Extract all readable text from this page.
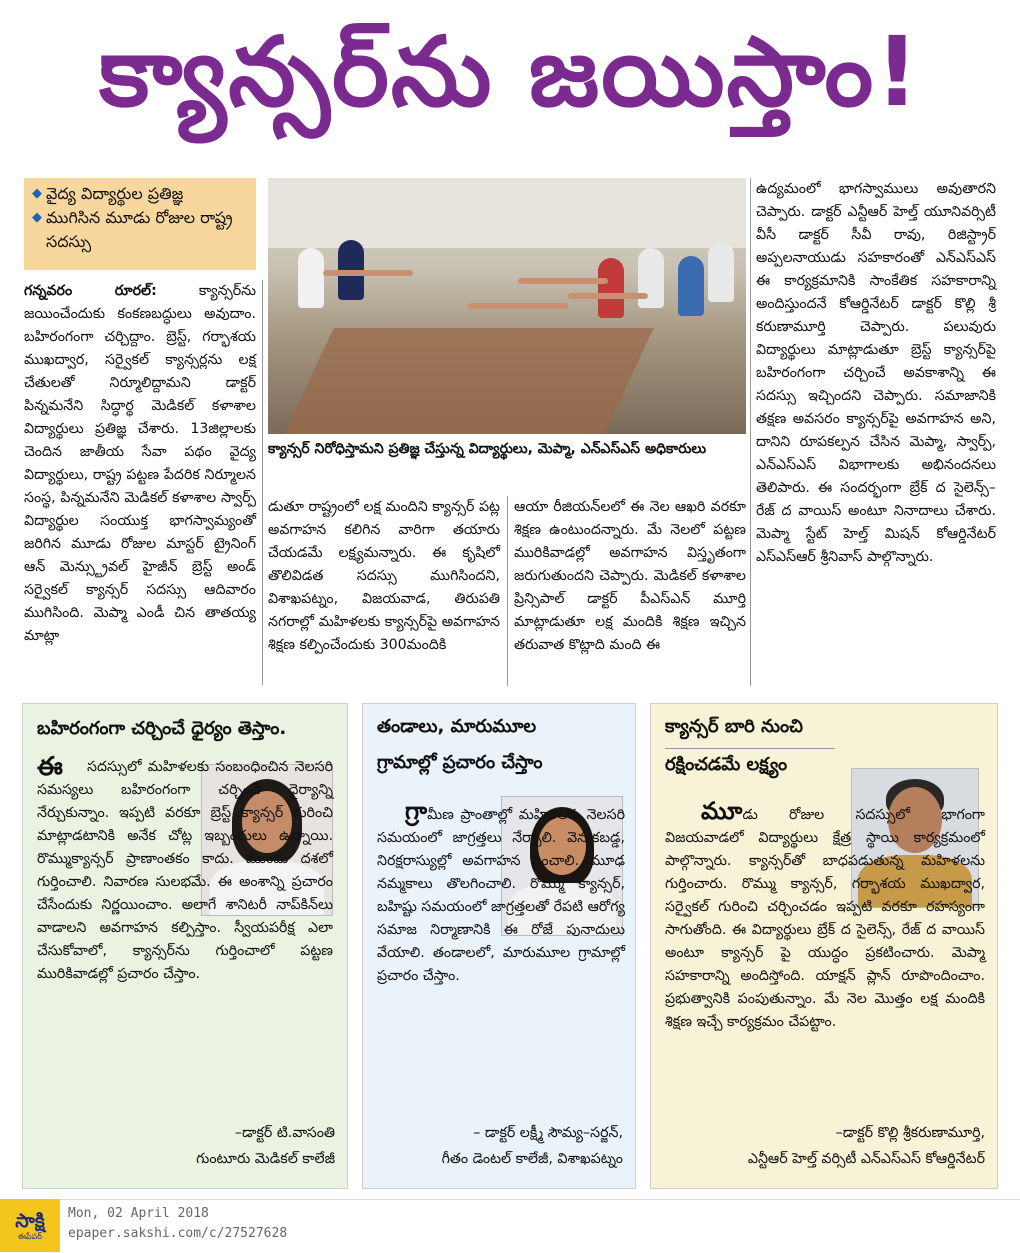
క్యాన్సర్‌ను జయిస్తాం!
◆ వైద్య విద్యార్థుల ప్రతిజ్ఞ
◆ ముగిసిన మూడు రోజుల రాష్ట్ర సదస్సు
గన్నవరం రూరల్‌: క్యాన్సర్‌ను జయించేందుకు కంకణబద్ధులు అవుదాం. బహిరంగంగా చర్చిద్దాం. బ్రెస్ట్, గర్భాశయ ముఖద్వార, సర్వైకల్ క్యాన్సర్లను లక్ష చేతులతో నిర్మూలిద్దామని డాక్టర్ పిన్నమనేని సిద్ధార్థ మెడికల్ కళాశాల విద్యార్థులు ప్రతిజ్ఞ చేశారు. 13జిల్లాలకు చెందిన జాతీయ సేవా పథం వైద్య విద్యార్థులు, రాష్ట్ర పట్టణ పేదరిక నిర్మూలన సంస్థ, పిన్నమనేని మెడికల్ కళాశాల స్వార్ప్ విద్యార్థుల సంయుక్త భాగస్వామ్యంతో జరిగిన మూడు రోజుల మాస్టర్ ట్రైనింగ్ ఆన్ మెన్స్ట్రువల్ హైజీన్ బ్రెస్ట్ అండ్ సర్వైకల్ క్యాన్సర్ సదస్సు ఆదివారం ముగిసింది. మెప్మా ఎండీ చిన తాతయ్య మాట్లా
క్యాన్సర్ నిరోధిస్తామని ప్రతిజ్ఞ చేస్తున్న విద్యార్థులు, మెప్మా, ఎన్ఎస్ఎస్ అధికారులు
డుతూ రాష్ట్రంలో లక్ష మందిని క్యాన్సర్ పట్ల అవగాహన కలిగిన వారిగా తయారు చేయడమే లక్ష్యమన్నారు. ఈ కృషిలో తొలివిడత సదస్సు ముగిసిందని, విశాఖపట్నం, విజయవాడ, తిరుపతి నగరాల్లో మహిళలకు క్యాన్సర్‌పై అవగాహన శిక్షణ కల్పించేందుకు 300మందికి
ఆయా రీజియన్‌లలో ఈ నెల ఆఖరి వరకూ శిక్షణ ఉంటుందన్నారు. మే నెలలో పట్టణ మురికివాడల్లో అవగాహన విస్తృతంగా జరుగుతుందని చెప్పారు. మెడికల్ కళాశాల ప్రిన్సిపాల్ డాక్టర్ పీఎస్ఎన్ మూర్తి మాట్లాడుతూ లక్ష మందికి శిక్షణ ఇచ్చిన తరువాత కొట్లాది మంది ఈ
ఉద్యమంలో భాగస్వాములు అవుతారని చెప్పారు. డాక్టర్ ఎన్టీఆర్ హెల్త్ యూనివర్సిటీ వీసీ డాక్టర్ సీవీ రావు, రిజిస్ట్రార్ అప్పలనాయుడు సహకారంతో ఎన్ఎస్ఎస్ ఈ కార్యక్రమానికి సాంకేతిక సహకారాన్ని అందిస్తుందనే కోఆర్డినేటర్ డాక్టర్ కొల్లి శ్రీ కరుణామూర్తి చెప్పారు. పలువురు విద్యార్థులు మాట్లాడుతూ బ్రెస్ట్ క్యాన్సర్‌పై బహిరంగంగా చర్చించే అవకాశాన్ని ఈ సదస్సు ఇచ్చిందని చెప్పారు. సమాజానికి తక్షణ అవసరం క్యాన్సర్‌పై అవగాహన అని, దానిని రూపకల్పన చేసిన మెప్మా, స్వార్ప్, ఎన్ఎస్ఎస్ విభాగాలకు అభినందనలు తెలిపారు. ఈ సందర్భంగా బ్రేక్ ద సైలెన్స్–రేజ్ ద వాయిస్ అంటూ నినాదాలు చేశారు. మెప్మా స్టేట్ హెల్త్ మిషన్ కోఆర్డినేటర్ ఎస్ఎస్ఆర్ శ్రీనివాస్ పాల్గొన్నారు.
బహిరంగంగా చర్చించే ధైర్యం తెస్తాం.
ఈ	సదస్సులో మహిళలకు సంబంధించిన నెలసరి సమస్యలు బహిరంగంగా చర్చించే ధైర్యాన్ని నేర్చుకున్నాం. ఇప్పటి వరకూ బ్రెస్ట్ క్యాన్సర్ గురించి మాట్లాడటానికి అనేక చోట్ల ఇబ్బందులు ఉన్నాయి. రొమ్ముక్యాన్సర్ ప్రాణాంతకం కాదు. ముందు దశలో గుర్తించాలి. నివారణ సులభమే. ఈ అంశాన్ని ప్రచారం చేసేందుకు నిర్ణయించాం. అలాగే శానిటరీ నాప్‌కిన్‌లు వాడాలని అవగాహన కల్పిస్తాం. స్వీయపరీక్ష ఎలా చేసుకోవాలో, క్యాన్సర్‌ను గుర్తించాలో పట్టణ మురికివాడల్లో ప్రచారం చేస్తాం.
–డాక్టర్ టి.వాసంతి
గుంటూరు మెడికల్ కాలేజీ
తండాలు, మారుమూల
గ్రామాల్లో ప్రచారం చేస్తాం
గ్రామీణ ప్రాంతాల్లో మహిళలకు నెలసరి సమయంలో జాగ్రత్తలు నేర్పాలి. వెనుకబడ్డ, నిరక్షరాస్యుల్లో అవగాహన పెంచాలి. మూఢ నమ్మకాలు తొలగించాలి. రొమ్ము క్యాన్సర్, బహిష్టు సమయంలో జాగ్రత్తలతో రేపటి ఆరోగ్య సమాజ నిర్మాణానికి ఈ రోజే పునాదులు వేయాలి. తండాలలో, మారుమూల గ్రామాల్లో ప్రచారం చేస్తాం.
– డాక్టర్ లక్ష్మీ సౌమ్య–సర్జన్,
గీతం డెంటల్ కాలేజీ, విశాఖపట్నం
క్యాన్సర్ బారి నుంచి
రక్షించడమే లక్ష్యం
మూడు రోజుల సదస్సులో భాగంగా విజయవాడలో విద్యార్థులు క్షేత్ర స్థాయి కార్యక్రమంలో పాల్గొన్నారు. క్యాన్సర్‌తో బాధపడుతున్న మహిళలను గుర్తించారు. రొమ్ము క్యాన్సర్, గర్భాశయ ముఖద్వార, సర్వైకల్ గురించి చర్చించడం ఇప్పటి వరకూ రహస్యంగా సాగుతోంది. ఈ విద్యార్థులు బ్రేక్ ద సైలెన్స్, రేజ్ ద వాయిస్ అంటూ క్యాన్సర్ పై యుద్ధం ప్రకటించారు. మెప్మా సహకారాన్ని అందిస్తోంది. యాక్షన్ ప్లాన్ రూపొందించాం. ప్రభుత్వానికి పంపుతున్నాం. మే నెల మొత్తం లక్ష మందికి శిక్షణ ఇచ్చే కార్యక్రమం చేపట్టాం.
–డాక్టర్ కొల్లి శ్రీకరుణామూర్తి,
ఎన్టీఆర్ హెల్త్ వర్సిటీ ఎన్ఎస్ఎస్ కోఆర్డినేటర్
సాక్షి
ఈపేపర్
Mon, 02 April 2018
epaper.sakshi.com/c/27527628
